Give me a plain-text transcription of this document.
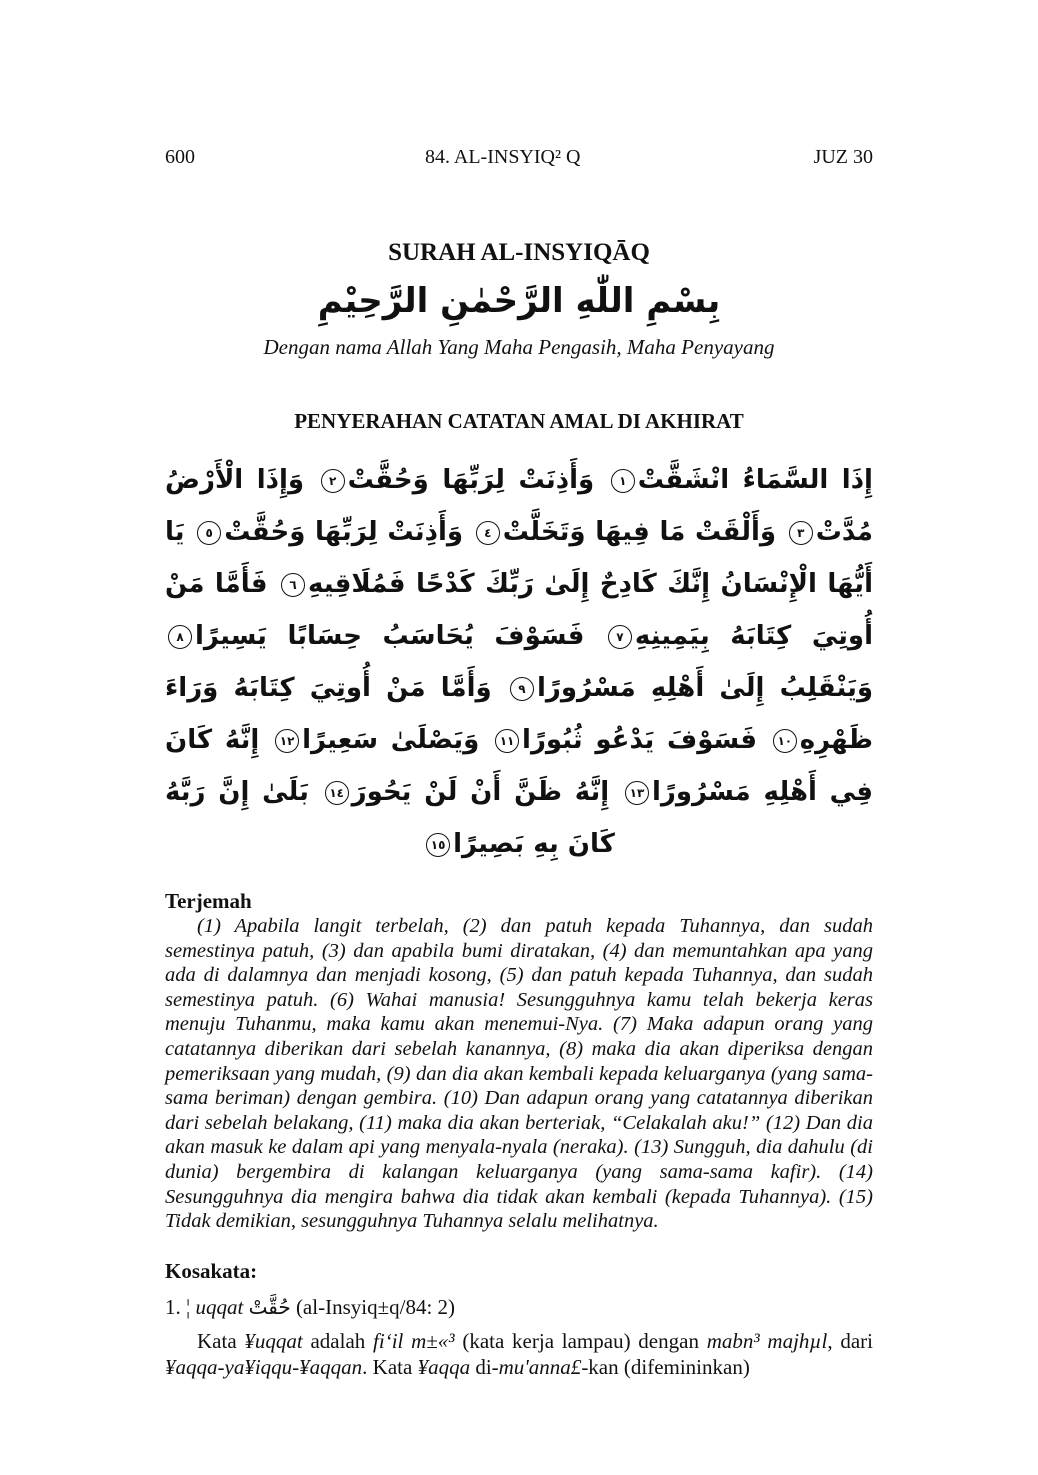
600	84. AL-INSYIQ² Q	JUZ 30
SURAH AL-INSYIQĀQ
بِسْمِ اللّٰهِ الرَّحْمٰنِ الرَّحِيْمِ
Dengan nama Allah Yang Maha Pengasih, Maha Penyayang
PENYERAHAN CATATAN AMAL DI AKHIRAT
إِذَا السَّمَاءُ انْشَقَّتْ١ وَأَذِنَتْ لِرَبِّهَا وَحُقَّتْ٢ وَإِذَا الْأَرْضُ مُدَّتْ٣ وَأَلْقَتْ مَا فِيهَا وَتَخَلَّتْ٤ وَأَذِنَتْ لِرَبِّهَا وَحُقَّتْ٥ يَا أَيُّهَا الْإِنْسَانُ إِنَّكَ كَادِحٌ إِلَىٰ رَبِّكَ كَدْحًا فَمُلَاقِيهِ٦ فَأَمَّا مَنْ أُوتِيَ كِتَابَهُ بِيَمِينِهِ٧ فَسَوْفَ يُحَاسَبُ حِسَابًا يَسِيرًا٨ وَيَنْقَلِبُ إِلَىٰ أَهْلِهِ مَسْرُورًا٩ وَأَمَّا مَنْ أُوتِيَ كِتَابَهُ وَرَاءَ ظَهْرِهِ١٠ فَسَوْفَ يَدْعُو ثُبُورًا١١ وَيَصْلَىٰ سَعِيرًا١٢ إِنَّهُ كَانَ فِي أَهْلِهِ مَسْرُورًا١٣ إِنَّهُ ظَنَّ أَنْ لَنْ يَحُورَ١٤ بَلَىٰ إِنَّ رَبَّهُ كَانَ بِهِ بَصِيرًا١٥
Terjemah

(1) Apabila langit terbelah, (2) dan patuh kepada Tuhannya, dan sudah semestinya patuh, (3) dan apabila bumi diratakan, (4) dan memuntahkan apa yang ada di dalamnya dan menjadi kosong, (5) dan patuh kepada Tuhannya, dan sudah semestinya patuh. (6) Wahai manusia! Sesungguhnya kamu telah bekerja keras menuju Tuhanmu, maka kamu akan menemui-Nya. (7) Maka adapun orang yang catatannya diberikan dari sebelah kanannya, (8) maka dia akan diperiksa dengan pemeriksaan yang mudah, (9) dan dia akan kembali kepada keluarganya (yang sama-sama beriman) dengan gembira. (10) Dan adapun orang yang catatannya diberikan dari sebelah belakang, (11) maka dia akan berteriak, “Celakalah aku!” (12) Dan dia akan masuk ke dalam api yang menyala-nyala (neraka). (13) Sungguh, dia dahulu (di dunia) bergembira di kalangan keluarganya (yang sama-sama kafir). (14) Sesungguhnya dia mengira bahwa dia tidak akan kembali (kepada Tuhannya). (15) Tidak demikian, sesungguhnya Tuhannya selalu melihatnya.

Kosakata:
1. ¦ uqqat حُقَّتْ (al-Insyiq±q/84: 2)

Kata ¥uqqat adalah fi‘il m±«³ (kata kerja lampau) dengan mabn³ majhµl, dari ¥aqqa-ya¥iqqu-¥aqqan. Kata ¥aqqa di-mu'anna£-kan (difemininkan)
